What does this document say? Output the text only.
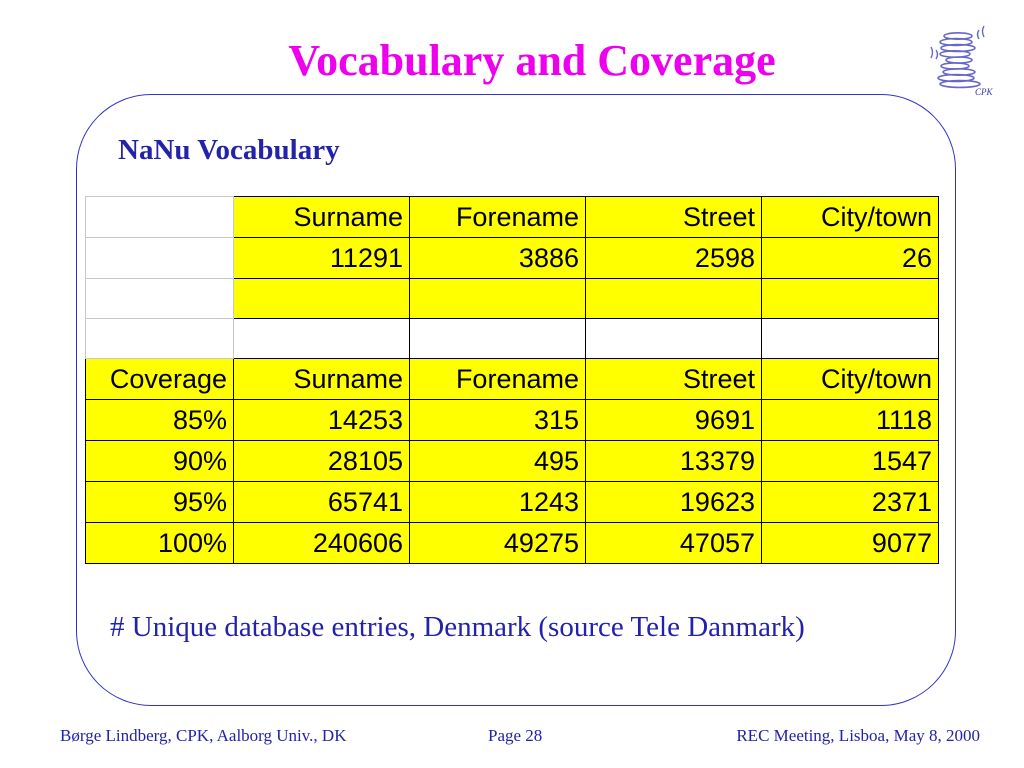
Vocabulary and Coverage
CPK
NaNu Vocabulary
	Surname	Forename	Street	City/town
	11291	3886	2598	26

Coverage	Surname	Forename	Street	City/town
85%	14253	315	9691	1118
90%	28105	495	13379	1547
95%	65741	1243	19623	2371
100%	240606	49275	47057	9077

# Unique database entries, Denmark (source Tele Danmark)

Børge Lindberg, CPK, Aalborg Univ., DK	Page 28	REC Meeting, Lisboa, May 8, 2000
